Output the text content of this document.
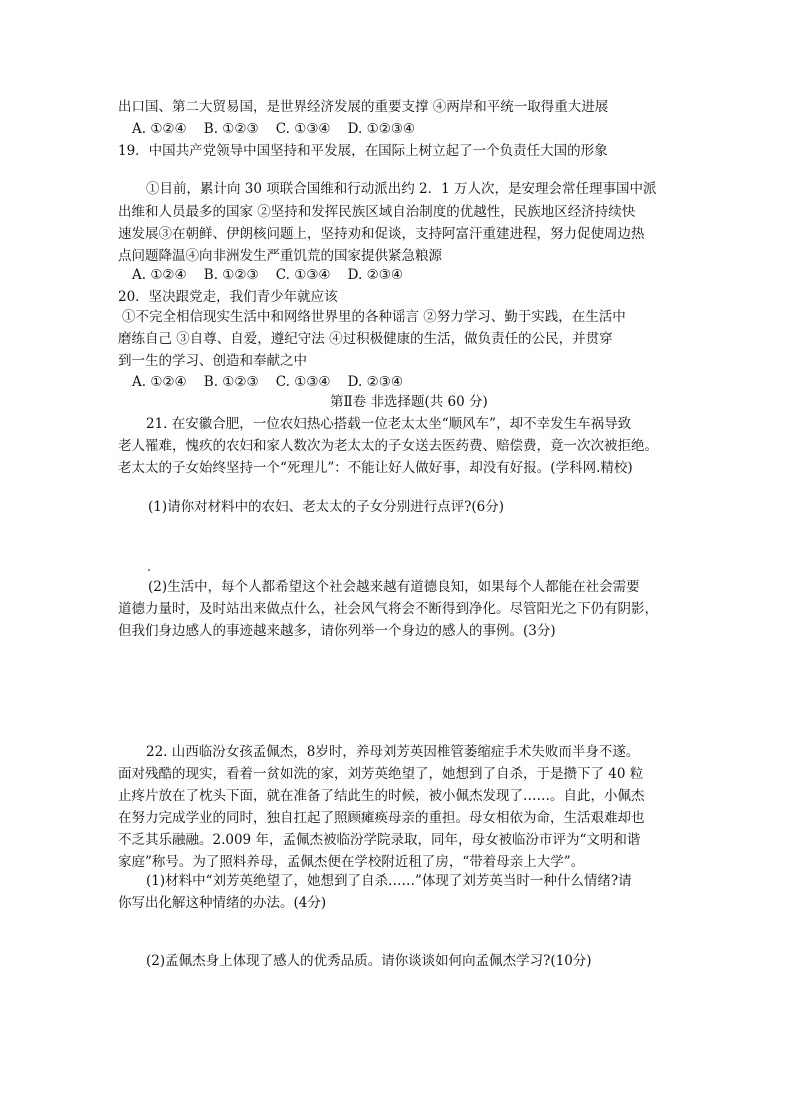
出口国、第二大贸易国，是世界经济发展的重要支撑 ④两岸和平统一取得重大进展
A. ①②④    B. ①②③    C. ①③④    D. ①②③④
19．中国共产党领导中国坚持和平发展，在国际上树立起了一个负责任大国的形象
①目前，累计向 30 项联合国维和行动派出约 2．1 万人次，是安理会常任理事国中派
出维和人员最多的国家 ②坚持和发挥民族区域自治制度的优越性，民族地区经济持续快
速发展③在朝鲜、伊朗核问题上，坚持劝和促谈，支持阿富汗重建进程，努力促使周边热
点问题降温④向非洲发生严重饥荒的国家提供紧急粮源
A. ①②④    B. ①②③    C. ①③④    D. ②③④
20．坚决跟党走，我们青少年就应该
①不完全相信现实生活中和网络世界里的各种谣言 ②努力学习、勤于实践，在生活中
磨练自己 ③自尊、自爱，遵纪守法 ④过积极健康的生活，做负责任的公民，并贯穿
到一生的学习、创造和奉献之中
A. ①②④    B. ①②③    C. ①③④    D. ②③④
第Ⅱ卷 非选择题(共 60 分)
21. 在安徽合肥，一位农妇热心搭载一位老太太坐“顺风车”，却不幸发生车祸导致
老人罹难，愧疚的农妇和家人数次为老太太的子女送去医药费、赔偿费，竟一次次被拒绝。
老太太的子女始终坚持一个“死理儿”：不能让好人做好事，却没有好报。(学科网.精校)
(1)请你对材料中的农妇、老太太的子女分别进行点评?(6分)
(2)生活中，每个人都希望这个社会越来越有道德良知，如果每个人都能在社会需要
道德力量时，及时站出来做点什么，社会风气将会不断得到净化。尽管阳光之下仍有阴影，
但我们身边感人的事迹越来越多，请你列举一个身边的感人的事例。(3分)
22. 山西临汾女孩孟佩杰，8岁时，养母刘芳英因椎管萎缩症手术失败而半身不遂。
面对残酷的现实，看着一贫如洗的家，刘芳英绝望了，她想到了自杀，于是攒下了 40 粒
止疼片放在了枕头下面，就在准备了结此生的时候，被小佩杰发现了……。自此，小佩杰
在努力完成学业的同时，独自扛起了照顾瘫痪母亲的重担。母女相依为命，生活艰难却也
不乏其乐融融。2.009 年，孟佩杰被临汾学院录取，同年，母女被临汾市评为“文明和谐
家庭”称号。为了照料养母，孟佩杰便在学校附近租了房，“带着母亲上大学”。
(1)材料中“刘芳英绝望了，她想到了自杀……”体现了刘芳英当时一种什么情绪?请
你写出化解这种情绪的办法。(4分)
(2)孟佩杰身上体现了感人的优秀品质。请你谈谈如何向孟佩杰学习?(10分)
